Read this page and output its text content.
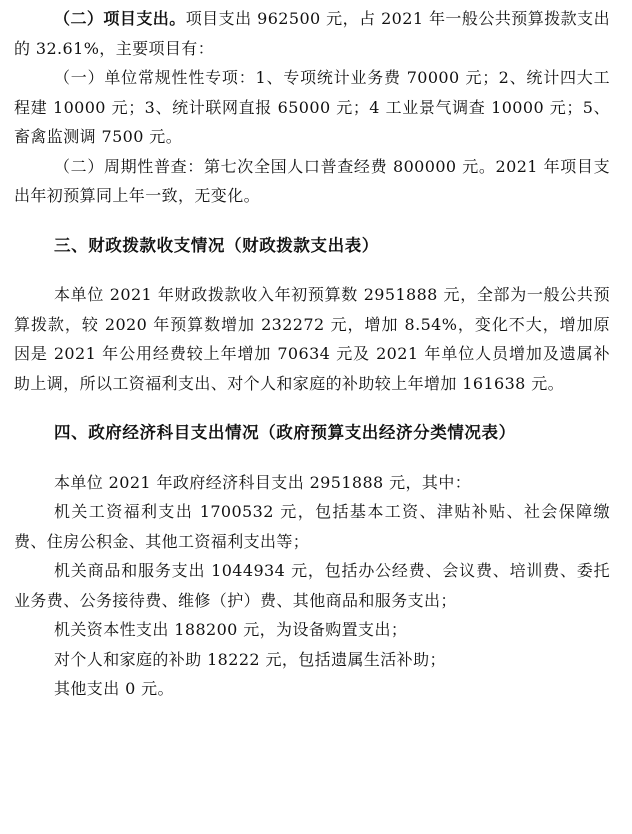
（二）项目支出。项目支出 962500 元，占 2021 年一般公共预算拨款支出的 32.61%，主要项目有：

（一）单位常规性性专项：1、专项统计业务费 70000 元；2、统计四大工程建 10000 元；3、统计联网直报 65000 元；4 工业景气调查 10000 元；5、畜禽监测调 7500 元。

（二）周期性普查：第七次全国人口普查经费 800000 元。2021 年项目支出年初预算同上年一致，无变化。

三、财政拨款收支情况（财政拨款支出表）

本单位 2021 年财政拨款收入年初预算数 2951888 元，全部为一般公共预算拨款，较 2020 年预算数增加 232272 元，增加 8.54%，变化不大，增加原因是 2021 年公用经费较上年增加 70634 元及 2021 年单位人员增加及遗属补助上调，所以工资福利支出、对个人和家庭的补助较上年增加 161638 元。

四、政府经济科目支出情况（政府预算支出经济分类情况表）

本单位 2021 年政府经济科目支出 2951888 元，其中：

机关工资福利支出 1700532 元，包括基本工资、津贴补贴、社会保障缴费、住房公积金、其他工资福利支出等；

机关商品和服务支出 1044934 元，包括办公经费、会议费、培训费、委托业务费、公务接待费、维修（护）费、其他商品和服务支出；

机关资本性支出 188200 元，为设备购置支出；

对个人和家庭的补助 18222 元，包括遗属生活补助；

其他支出 0 元。
